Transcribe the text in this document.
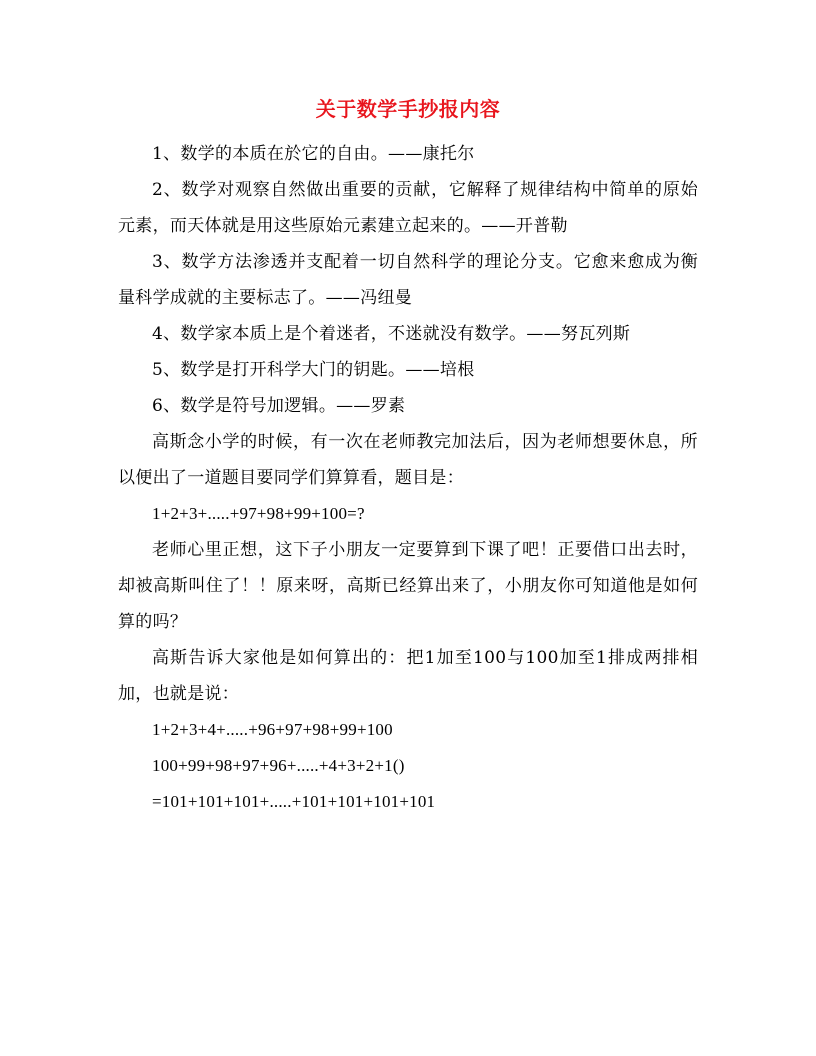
关于数学手抄报内容

1、数学的本质在於它的自由。——康托尔

2、数学对观察自然做出重要的贡献，它解释了规律结构中简单的原始元素，而天体就是用这些原始元素建立起来的。——开普勒

3、数学方法渗透并支配着一切自然科学的理论分支。它愈来愈成为衡量科学成就的主要标志了。——冯纽曼

4、数学家本质上是个着迷者，不迷就没有数学。——努瓦列斯

5、数学是打开科学大门的钥匙。——培根

6、数学是符号加逻辑。——罗素

高斯念小学的时候，有一次在老师教完加法后，因为老师想要休息，所以便出了一道题目要同学们算算看，题目是：

1+2+3+.....+97+98+99+100=?

老师心里正想，这下子小朋友一定要算到下课了吧！正要借口出去时，却被高斯叫住了！！原来呀，高斯已经算出来了，小朋友你可知道他是如何算的吗？

高斯告诉大家他是如何算出的：把1加至100与100加至1排成两排相加，也就是说：

1+2+3+4+.....+96+97+98+99+100

100+99+98+97+96+.....+4+3+2+1()

=101+101+101+.....+101+101+101+101
